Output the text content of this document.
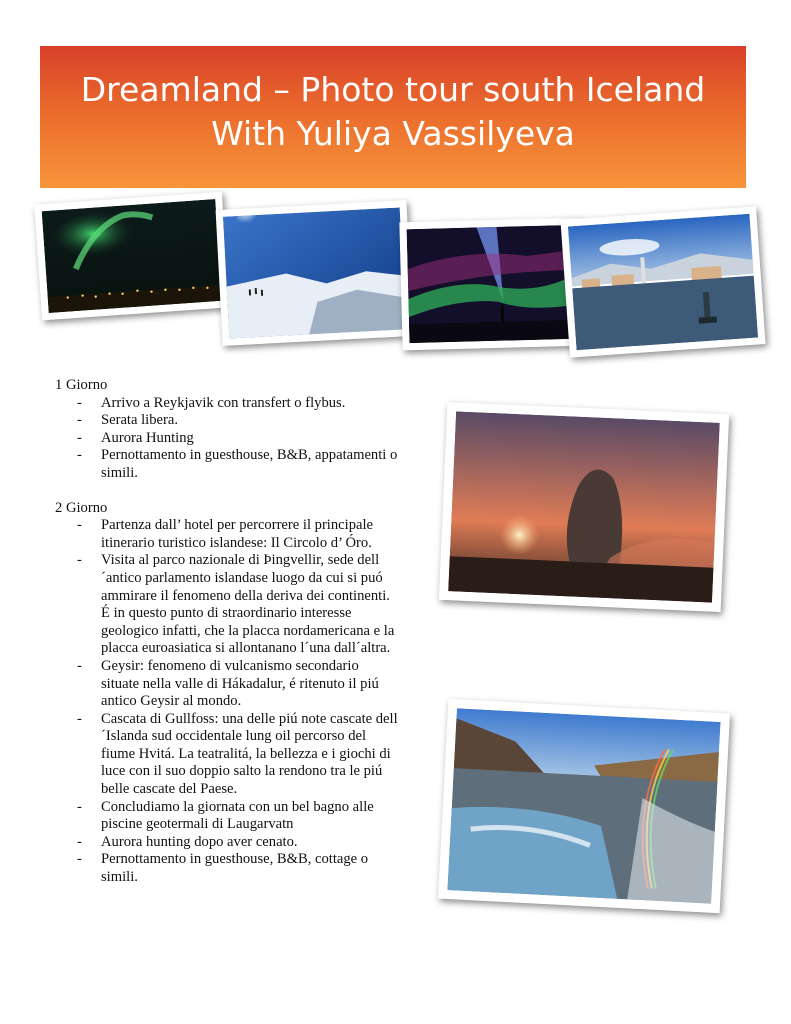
Dreamland – Photo tour south Iceland
With Yuliya Vassilyeva

1 Giorno

- Arrivo a Reykjavik con transfert o flybus.
- Serata libera.
- Aurora Hunting
- Pernottamento in guesthouse, B&B, appatamenti o simili.

2 Giorno

- Partenza dall’ hotel per percorrere il principale itinerario turistico islandese: Il Circolo d’ Óro.
- Visita al parco nazionale di Þingvellir, sede dell´antico parlamento islandase luogo da cui si puó ammirare il fenomeno della deriva dei continenti. É in questo punto di straordinario interesse geologico infatti, che la placca nordamericana e la placca euroasiatica si allontanano l´una dall´altra.
- Geysir: fenomeno di vulcanismo secondario situate nella valle di Hákadalur, é ritenuto il piú antico Geysir al mondo.
- Cascata di Gullfoss: una delle piú note cascate dell´Islanda sud occidentale lung oil percorso del fiume Hvitá. La teatralitá, la bellezza e i giochi di luce con il suo doppio salto la rendono tra le piú belle cascate del Paese.
- Concludiamo la giornata con un bel bagno alle piscine geotermali di Laugarvatn
- Aurora hunting dopo aver cenato.
- Pernottamento in guesthouse, B&B, cottage o simili.
